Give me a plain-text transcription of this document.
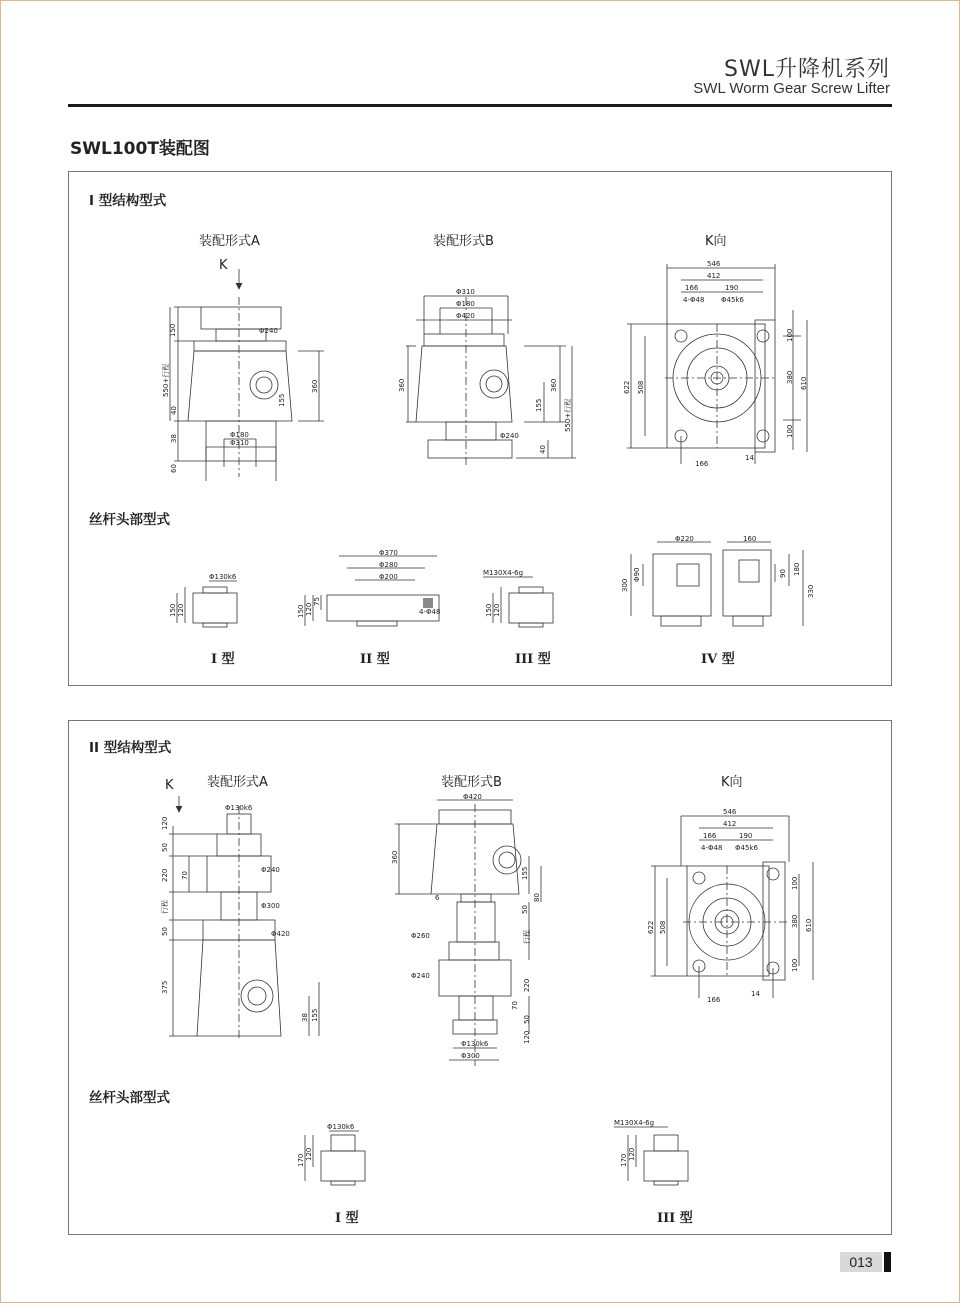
SWL升降机系列
SWL Worm Gear Screw Lifter
SWL100T装配图
I 型结构型式
装配形式A	装配形式B	K向
K
Φ240
150
550+行程
40
38
60
360
155
Φ180
Φ310
Φ310
Φ180
Φ420
360	360
155	550+行程
40
Φ240
546
412
166	190
4-Φ48 Φ45k6
622 508
100
380 610
100
166
14
丝杆头部型式
Φ130k6
150 120
I 型
Φ370
Φ280
Φ200
150 120
75
4-Φ48
II 型
M130X4-6g
150 120
III 型
Φ220
300
Φ90
160
90 180
330
IV 型
II 型结构型式
K	装配形式A	装配形式B	K向
Φ130k6
120
50
220 70
Φ240
Φ300
行程
50	Φ420
375
38 155
Φ420
360
155
80
50
6
Φ260	行程
Φ240
220
70
50
120
Φ130k6
Φ300
546
412
166	190
4-Φ48 Φ45k6
622 508
100
380 610
100
166
14
丝杆头部型式
Φ130k6
170 120
I 型
M130X4-6g
170 120
III 型
013
